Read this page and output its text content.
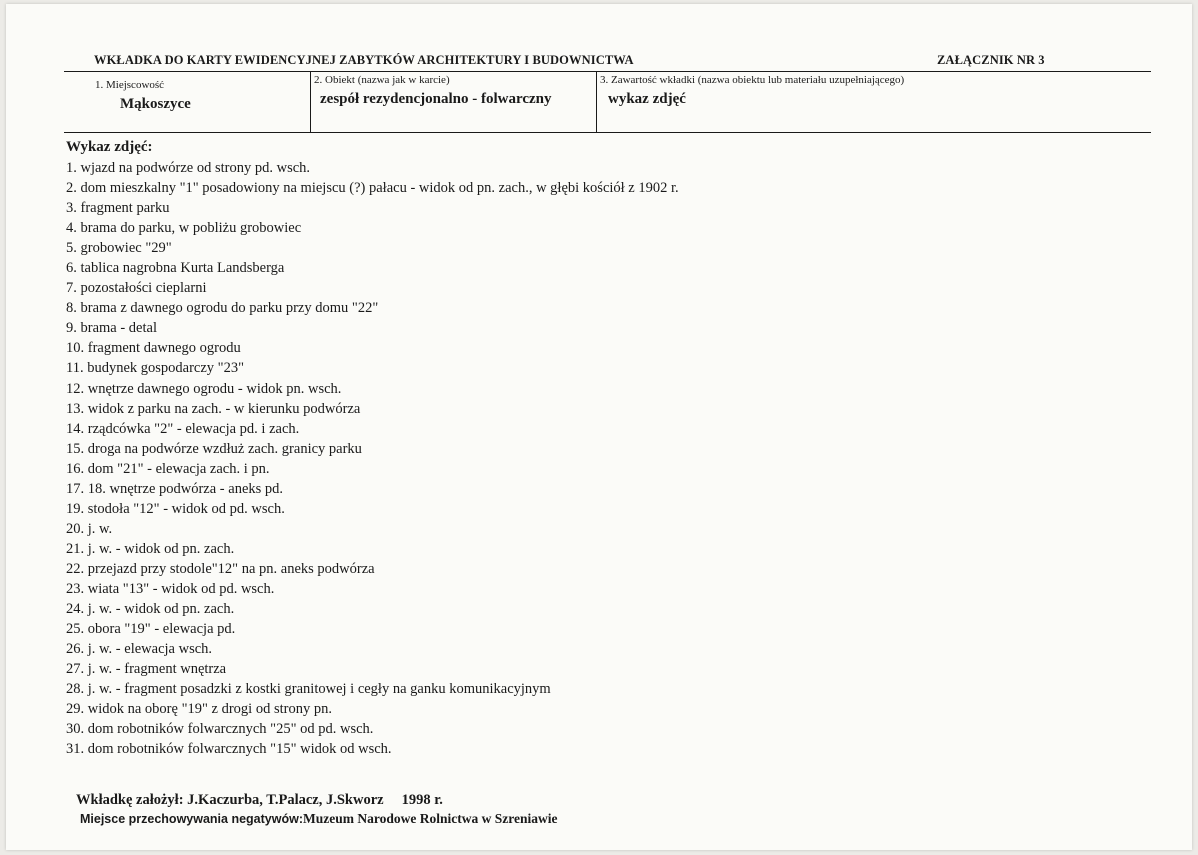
WKŁADKA DO KARTY EWIDENCYJNEJ ZABYTKÓW ARCHITEKTURY I BUDOWNICTWA	ZAŁĄCZNIK NR 3
1. Miejscowość
Mąkoszyce
2. Obiekt (nazwa jak w karcie)
zespół rezydencjonalno - folwarczny
3. Zawartość wkładki (nazwa obiektu lub materiału uzupełniającego)
wykaz zdjęć
Wykaz zdjęć:
1. wjazd na podwórze od strony pd. wsch.
2. dom mieszkalny "1" posadowiony na miejscu (?) pałacu - widok od pn. zach., w głębi kościół z 1902 r.
3. fragment parku
4. brama do parku, w pobliżu grobowiec
5. grobowiec "29"
6. tablica nagrobna Kurta Landsberga
7. pozostałości cieplarni
8. brama z dawnego ogrodu do parku przy domu "22"
9. brama - detal
10. fragment dawnego ogrodu
11. budynek gospodarczy "23"
12. wnętrze dawnego ogrodu - widok pn. wsch.
13. widok z parku na zach. - w kierunku podwórza
14. rządcówka "2" - elewacja pd. i zach.
15. droga na podwórze wzdłuż zach. granicy parku
16. dom "21" - elewacja zach. i pn.
17. 18. wnętrze podwórza - aneks pd.
19. stodoła "12" - widok od pd. wsch.
20. j. w.
21. j. w. - widok od pn. zach.
22. przejazd przy stodole"12" na pn. aneks podwórza
23. wiata "13" - widok od pd. wsch.
24. j. w. - widok od pn. zach.
25. obora "19" - elewacja pd.
26. j. w. - elewacja wsch.
27. j. w. - fragment wnętrza
28. j. w. - fragment posadzki z kostki granitowej i cegły na ganku komunikacyjnym
29. widok na oborę "19" z drogi od strony pn.
30. dom robotników folwarcznych "25" od pd. wsch.
31. dom robotników folwarcznych "15" widok od wsch.
Wkładkę założył: J.Kaczurba, T.Palacz, J.Skworz 1998 r.
Miejsce przechowywania negatywów:Muzeum Narodowe Rolnictwa w Szreniawie
